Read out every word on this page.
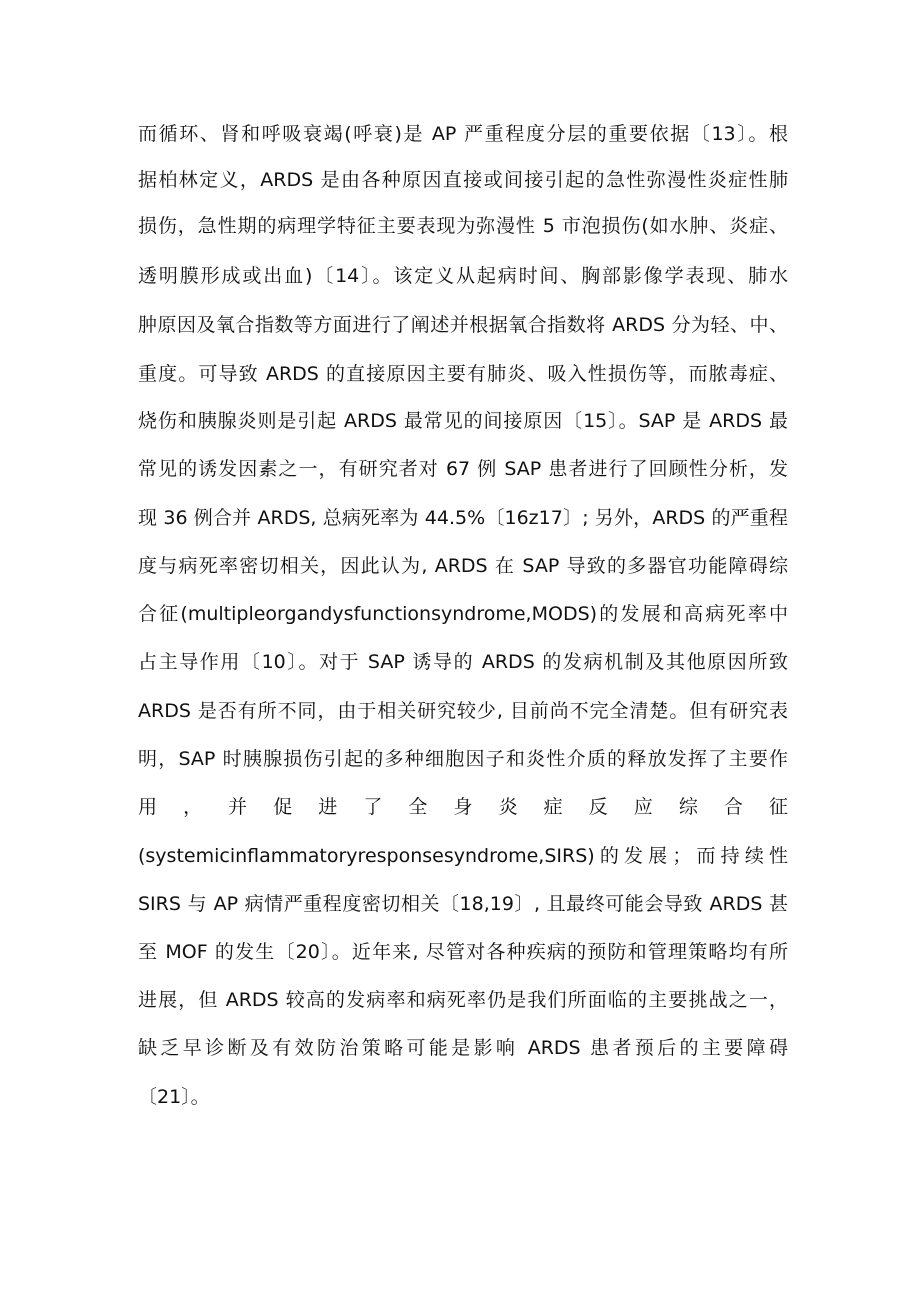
而循环、肾和呼吸衰竭(呼衰)是 AP 严重程度分层的重要依据〔13〕。根
据柏林定义，ARDS 是由各种原因直接或间接引起的急性弥漫性炎症性肺
损伤，急性期的病理学特征主要表现为弥漫性 5 市泡损伤(如水肿、炎症、
透明膜形成或出血)〔14〕。该定义从起病时间、胸部影像学表现、肺水
肿原因及氧合指数等方面进行了阐述并根据氧合指数将 ARDS 分为轻、中、
重度。可导致 ARDS 的直接原因主要有肺炎、吸入性损伤等，而脓毒症、
烧伤和胰腺炎则是引起 ARDS 最常见的间接原因〔15〕。SAP 是 ARDS 最
常见的诱发因素之一，有研究者对 67 例 SAP 患者进行了回顾性分析，发
现 36 例合并 ARDS, 总病死率为 44.5%〔16z17〕; 另外，ARDS 的严重程
度与病死率密切相关，因此认为, ARDS 在 SAP 导致的多器官功能障碍综
合征(multipleorgandysfunctionsyndrome,MODS)的发展和高病死率中
占主导作用〔10〕。对于 SAP 诱导的 ARDS 的发病机制及其他原因所致
ARDS 是否有所不同，由于相关研究较少, 目前尚不完全清楚。但有研究表
明，SAP 时胰腺损伤引起的多种细胞因子和炎性介质的释放发挥了主要作
用，并促进了全身炎症反应综合征
(systemicinflammatoryresponsesyndrome,SIRS)的发展；而持续性
SIRS 与 AP 病情严重程度密切相关〔18,19〕, 且最终可能会导致 ARDS 甚
至 MOF 的发生〔20〕。近年来, 尽管对各种疾病的预防和管理策略均有所
进展，但 ARDS 较高的发病率和病死率仍是我们所面临的主要挑战之一，
缺乏早诊断及有效防治策略可能是影响 ARDS 患者预后的主要障碍
〔21〕。
